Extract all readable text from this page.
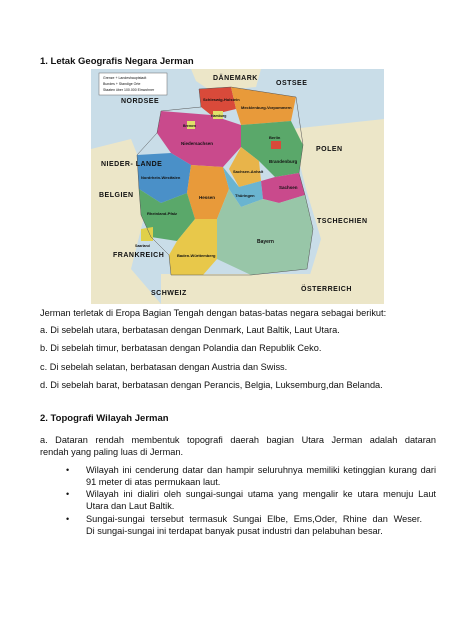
1. Letak Geografis Negara Jerman
Grenze + Landeshauptstadt
Bundes + Standige Orte
Staaten über 100.000 Einwohner
DÄNEMARK
OSTSEE
NORDSEE
POLEN
NIEDER- LANDE
BELGIEN
TSCHECHIEN
FRANKREICH
SCHWEIZ
ÖSTERREICH
Schleswig-Holstein
Mecklenburg-Vorpommern
Hamburg
Bremen
Niedersachsen
Berlin
Brandenburg
Sachsen-Anhalt
Nordrhein-Westfalen
Hessen	Thüringen
Sachsen
Rheinland-Pfalz
Saarland
Bayern
Baden-Württemberg
Jerman terletak di Eropa Bagian Tengah dengan batas-batas negara sebagai berikut:
a. Di sebelah utara, berbatasan dengan Denmark, Laut Baltik, Laut Utara.
b. Di sebelah timur, berbatasan dengan Polandia dan Republik Ceko.
c. Di sebelah selatan, berbatasan dengan Austria dan Swiss.
d. Di sebelah barat, berbatasan dengan Perancis, Belgia, Luksemburg,dan Belanda.
2. Topografi Wilayah Jerman
a. Dataran rendah membentuk topografi daerah bagian Utara Jerman adalah dataran
rendah yang paling luas di Jerman.
• Wilayah ini cenderung datar dan hampir seluruhnya memiliki ketinggian kurang dari
91 meter di atas permukaan laut.
• Wilayah ini dialiri oleh sungai-sungai utama yang mengalir ke utara menuju Laut
Utara dan Laut Baltik.
• Sungai-sungai tersebut termasuk Sungai Elbe, Ems,Oder, Rhine dan Weser.
Di sungai-sungai ini terdapat banyak pusat industri dan pelabuhan besar.
